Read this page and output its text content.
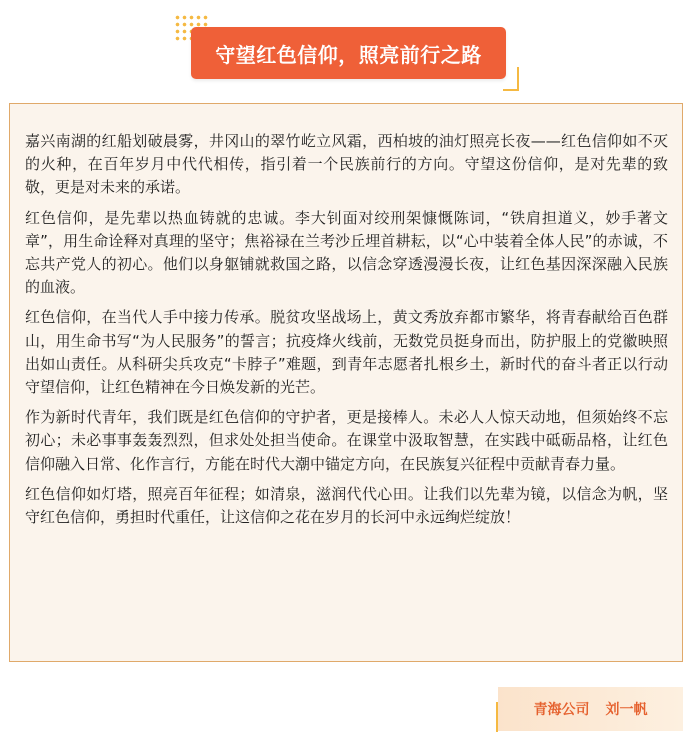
守望红色信仰，照亮前行之路

嘉兴南湖的红船划破晨雾，井冈山的翠竹屹立风霜，西柏坡的油灯照亮长夜——红色信仰如不灭的火种，在百年岁月中代代相传，指引着一个民族前行的方向。守望这份信仰，是对先辈的致敬，更是对未来的承诺。

红色信仰，是先辈以热血铸就的忠诚。李大钊面对绞刑架慷慨陈词，“铁肩担道义，妙手著文章”，用生命诠释对真理的坚守；焦裕禄在兰考沙丘埋首耕耘，以“心中装着全体人民”的赤诚，不忘共产党人的初心。他们以身躯铺就救国之路，以信念穿透漫漫长夜，让红色基因深深融入民族的血液。

红色信仰，在当代人手中接力传承。脱贫攻坚战场上，黄文秀放弃都市繁华，将青春献给百色群山，用生命书写“为人民服务”的誓言；抗疫烽火线前，无数党员挺身而出，防护服上的党徽映照出如山责任。从科研尖兵攻克“卡脖子”难题，到青年志愿者扎根乡土，新时代的奋斗者正以行动守望信仰，让红色精神在今日焕发新的光芒。

作为新时代青年，我们既是红色信仰的守护者，更是接棒人。未必人人惊天动地，但须始终不忘初心；未必事事轰轰烈烈，但求处处担当使命。在课堂中汲取智慧，在实践中砥砺品格，让红色信仰融入日常、化作言行，方能在时代大潮中锚定方向，在民族复兴征程中贡献青春力量。

红色信仰如灯塔，照亮百年征程；如清泉，滋润代代心田。让我们以先辈为镜，以信念为帆，坚守红色信仰，勇担时代重任，让这信仰之花在岁月的长河中永远绚烂绽放！

青海公司 刘一帆
